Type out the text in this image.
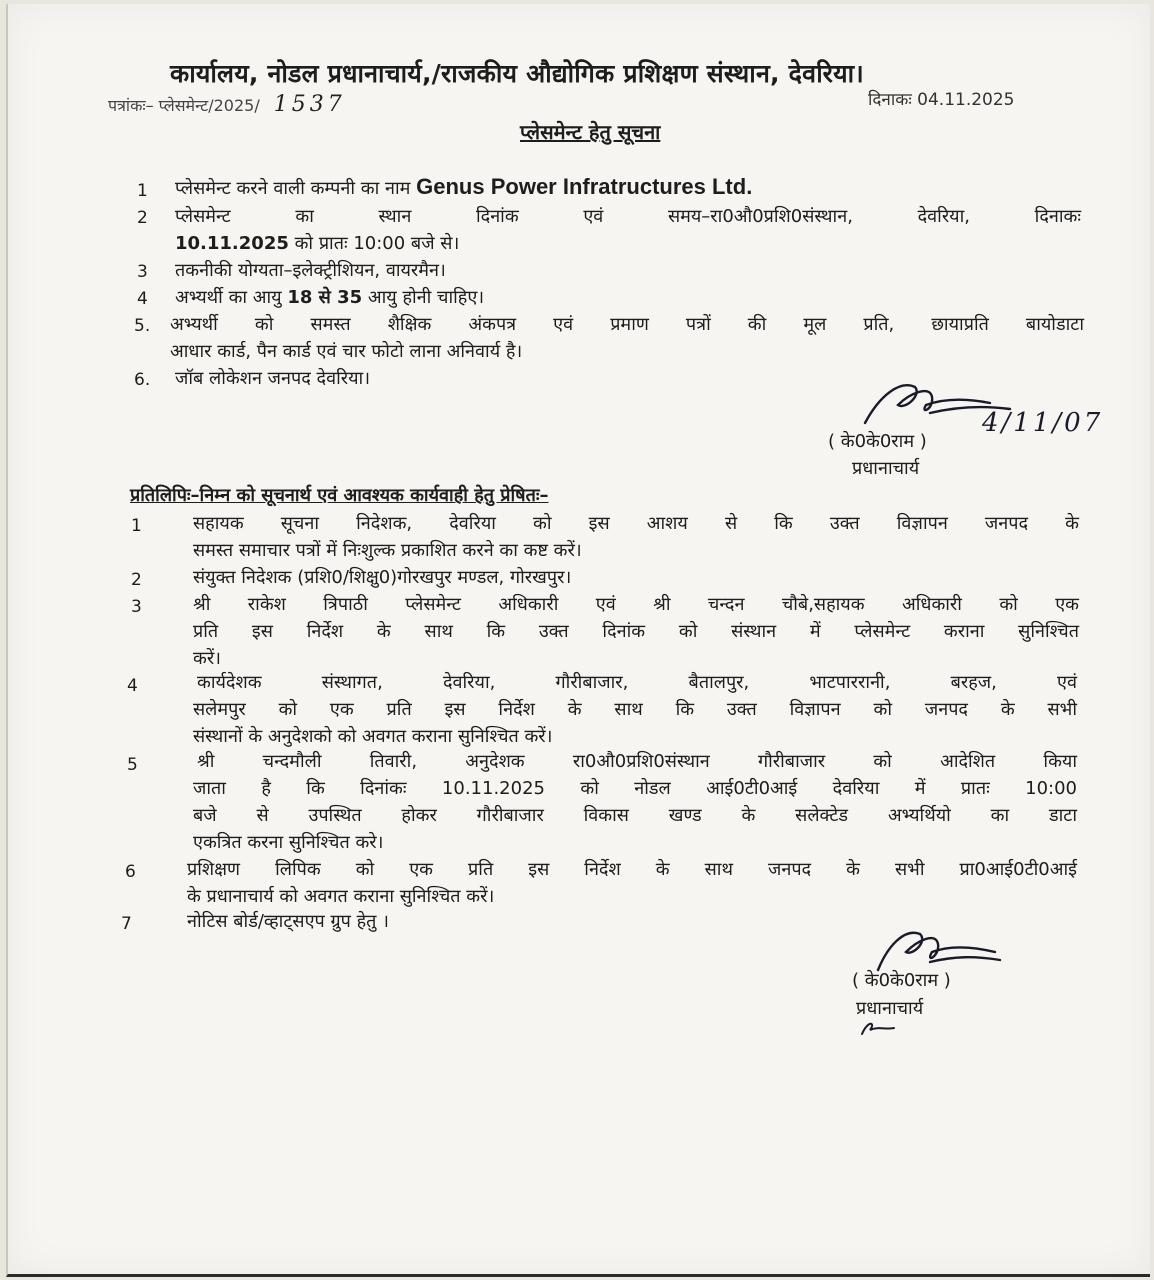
कार्यालय, नोडल प्रधानाचार्य,/राजकीय औद्योगिक प्रशिक्षण संस्थान, देवरिया।
पत्रांकः– प्लेसमेन्ट/2025/ 1537	दिनाकः 04.11.2025
प्लेसमेन्ट हेतु सूचना
1 प्लेसमेन्ट करने वाली कम्पनी का नाम Genus Power Infratructures Ltd.
2 प्लेसमेन्ट का स्थान दिनांक एवं समय–रा0औ0प्रशि0संस्थान, देवरिया, दिनाकः
10.11.2025 को प्रातः 10:00 बजे से।
3 तकनीकी योग्यता–इलेक्ट्रीशियन, वायरमैन।
4 अभ्यर्थी का आयु 18 से 35 आयु होनी चाहिए।
5. अभ्यर्थी को समस्त शैक्षिक अंकपत्र एवं प्रमाण पत्रों की मूल प्रति, छायाप्रति बायोडाटा
आधार कार्ड, पैन कार्ड एवं चार फोटो लाना अनिवार्य है।
6. जॉब लोकेशन जनपद देवरिया।
( के0के0राम )
4/11/07
प्रधानाचार्य
प्रतिलिपिः–निम्न को सूचनार्थ एवं आवश्यक कार्यवाही हेतु प्रेषितः–
1	सहायक सूचना निदेशक, देवरिया को इस आशय से कि उक्त विज्ञापन जनपद के
समस्त समाचार पत्रों में निःशुल्क प्रकाशित करने का कष्ट करें।
2	संयुक्त निदेशक (प्रशि0/शिक्षु0)गोरखपुर मण्डल, गोरखपुर।
3	श्री राकेश त्रिपाठी प्लेसमेन्ट अधिकारी एवं श्री चन्दन चौबे,सहायक अधिकारी को एक
प्रति इस निर्देश के साथ कि उक्त दिनांक को संस्थान में प्लेसमेन्ट कराना सुनिश्चित
करें।
4	कार्यदेशक संस्थागत, देवरिया, गौरीबाजार, बैतालपुर, भाटपाररानी, बरहज, एवं
सलेमपुर को एक प्रति इस निर्देश के साथ कि उक्त विज्ञापन को जनपद के सभी
संस्थानों के अनुदेशको को अवगत कराना सुनिश्चित करें।
5	श्री चन्दमौली तिवारी, अनुदेशक रा0औ0प्रशि0संस्थान गौरीबाजार को आदेशित किया
जाता है कि दिनांकः 10.11.2025 को नोडल आई0टी0आई देवरिया में प्रातः 10:00
बजे से उपस्थित होकर गौरीबाजार विकास खण्ड के सलेक्टेड अभ्यर्थियो का डाटा
एकत्रित करना सुनिश्चित करे।
6	प्रशिक्षण लिपिक को एक प्रति इस निर्देश के साथ जनपद के सभी प्रा0आई0टी0आई
के प्रधानाचार्य को अवगत कराना सुनिश्चित करें।
7	नोटिस बोर्ड/व्हाट्सएप ग्रुप हेतु ।
( के0के0राम )
प्रधानाचार्य
